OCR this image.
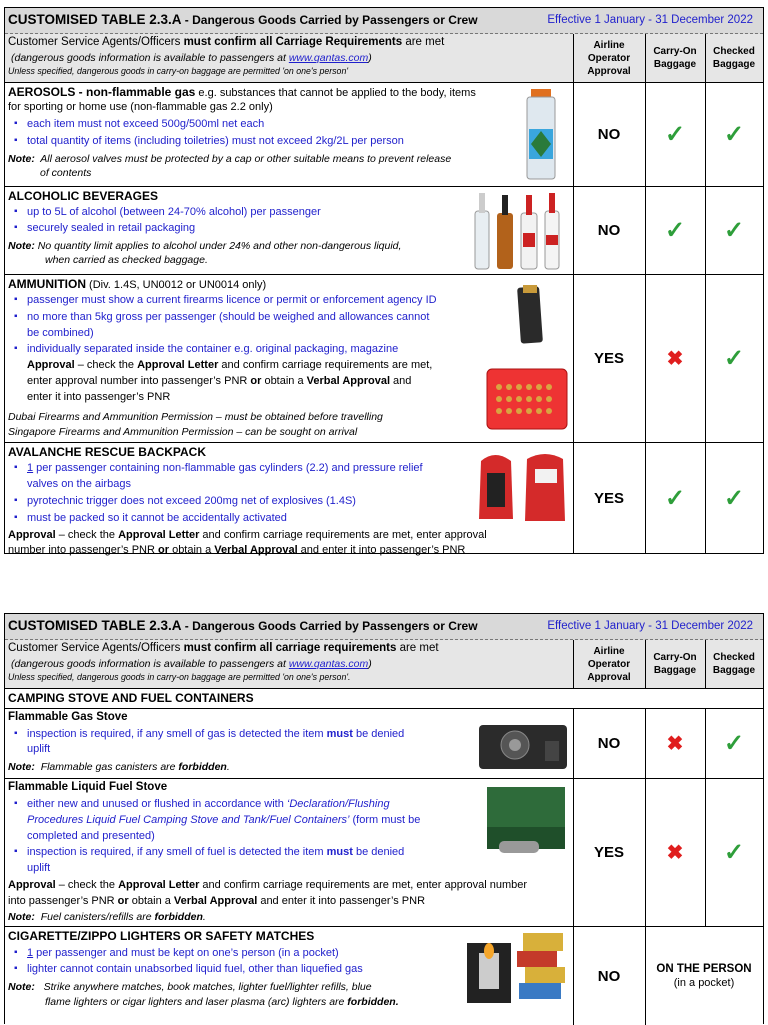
CUSTOMISED TABLE 2.3.A - Dangerous Goods Carried by Passengers or Crew	Effective 1 January - 31 December 2022
Customer Service Agents/Officers must confirm all Carriage Requirements are met
(dangerous goods information is available to passengers at www.qantas.com)
Unless specified, dangerous goods in carry-on baggage are permitted 'on one's person'
Airline
Operator
Approval
Carry-On
Baggage
Checked
Baggage
AEROSOLS - non-flammable gas e.g. substances that cannot be applied to the body, items
for sporting or home use (non-flammable gas 2.2 only)
▪ each item must not exceed 500g/500ml net each
▪ total quantity of items (including toiletries) must not exceed 2kg/2L per person
Note: All aerosol valves must be protected by a cap or other suitable means to prevent release
of contents
NO	✓	✓
ALCOHOLIC BEVERAGES
▪ up to 5L of alcohol (between 24-70% alcohol) per passenger
▪ securely sealed in retail packaging
Note: No quantity limit applies to alcohol under 24% and other non-dangerous liquid,
when carried as checked baggage.
NO	✓	✓
AMMUNITION (Div. 1.4S, UN0012 or UN0014 only)
▪ passenger must show a current firearms licence or permit or enforcement agency ID
▪ no more than 5kg gross per passenger (should be weighed and allowances cannot
be combined)
▪ individually separated inside the container e.g. original packaging, magazine
Approval – check the Approval Letter and confirm carriage requirements are met,
enter approval number into passenger’s PNR or obtain a Verbal Approval and
enter it into passenger’s PNR
Dubai Firearms and Ammunition Permission – must be obtained before travelling
Singapore Firearms and Ammunition Permission – can be sought on arrival
YES	✖	✓
AVALANCHE RESCUE BACKPACK
▪ 1 per passenger containing non-flammable gas cylinders (2.2) and pressure relief
valves on the airbags
▪ pyrotechnic trigger does not exceed 200mg net of explosives (1.4S)
▪ must be packed so it cannot be accidentally activated
Approval – check the Approval Letter and confirm carriage requirements are met, enter approval
number into passenger’s PNR or obtain a Verbal Approval and enter it into passenger’s PNR
YES	✓	✓
CUSTOMISED TABLE 2.3.A - Dangerous Goods Carried by Passengers or Crew	Effective 1 January - 31 December 2022
Customer Service Agents/Officers must confirm all carriage requirements are met
(dangerous goods information is available to passengers at www.qantas.com)
Unless specified, dangerous goods in carry-on baggage are permitted 'on one's person'.
Airline
Operator
Approval
Carry-On
Baggage
Checked
Baggage
CAMPING STOVE AND FUEL CONTAINERS
Flammable Gas Stove
▪ inspection is required, if any smell of gas is detected the item must be denied
uplift
Note: Flammable gas canisters are forbidden.
NO	✖	✓
Flammable Liquid Fuel Stove
▪ either new and unused or flushed in accordance with ‘Declaration/Flushing
Procedures Liquid Fuel Camping Stove and Tank/Fuel Containers’ (form must be
completed and presented)
▪ inspection is required, if any smell of fuel is detected the item must be denied
uplift
Approval – check the Approval Letter and confirm carriage requirements are met, enter approval number
into passenger’s PNR or obtain a Verbal Approval and enter it into passenger’s PNR
Note: Fuel canisters/refills are forbidden.
YES	✖	✓
CIGARETTE/ZIPPO LIGHTERS OR SAFETY MATCHES
▪ 1 per passenger and must be kept on one’s person (in a pocket)
▪ lighter cannot contain unabsorbed liquid fuel, other than liquefied gas
Note: Strike anywhere matches, book matches, lighter fuel/lighter refills, blue
flame lighters or cigar lighters and laser plasma (arc) lighters are forbidden.
NO	ON THE PERSON
(in a pocket)
